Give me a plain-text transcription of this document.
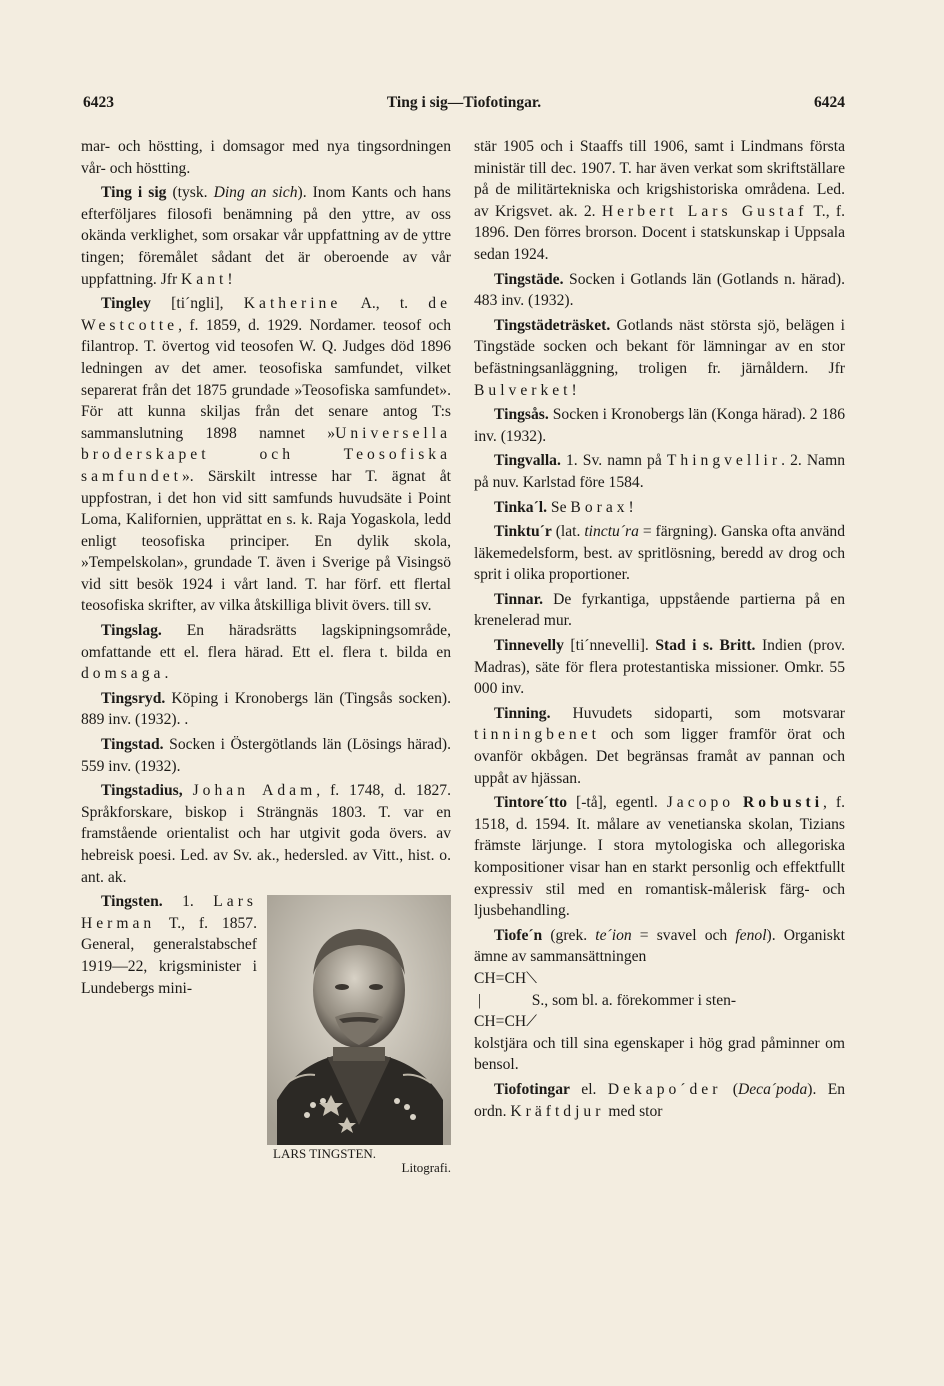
6423	Ting i sig—Tiofotingar.	6424

mar- och höstting, i domsagor med nya tingsordningen vår- och höstting.

Ting i sig (tysk. Ding an sich). Inom Kants och hans efterföljares filosofi benämning på den yttre, av oss okända verklighet, som orsakar vår uppfattning av de yttre tingen; föremålet sådant det är oberoende av vår uppfattning. Jfr Kant!

Tingley [ti´ngli], Katherine A., t. de Westcotte, f. 1859, d. 1929. Nordamer. teosof och filantrop. T. övertog vid teosofen W. Q. Judges död 1896 ledningen av det amer. teosofiska samfundet, vilket separerat från det 1875 grundade »Teosofiska samfundet». För att kunna skiljas från det senare antog T:s sammanslutning 1898 namnet »Universella broderskapet och Teosofiska samfundet». Särskilt intresse har T. ägnat åt uppfostran, i det hon vid sitt samfunds huvudsäte i Point Loma, Kalifornien, upprättat en s. k. Raja Yogaskola, ledd enligt teosofiska principer. En dylik skola, »Tempelskolan», grundade T. även i Sverige på Visingsö vid sitt besök 1924 i vårt land. T. har förf. ett flertal teosofiska skrifter, av vilka åtskilliga blivit övers. till sv.

Tingslag. En häradsrätts lagskipningsområde, omfattande ett el. flera härad. Ett el. flera t. bilda en domsaga.

Tingsryd. Köping i Kronobergs län (Tingsås socken). 889 inv. (1932). .

Tingstad. Socken i Östergötlands län (Lösings härad). 559 inv. (1932).

Tingstadius, Johan Adam, f. 1748, d. 1827. Språkforskare, biskop i Strängnäs 1803. T. var en framstående orientalist och har utgivit goda övers. av hebreisk poesi. Led. av Sv. ak., hedersled. av Vitt., hist. o. ant. ak.

LARS TINGSTEN.
Litografi.

Tingsten. 1. Lars Herman T., f. 1857. General, generalstabschef 1919—22, krigsminister i Lundebergs mini-

stär 1905 och i Staaffs till 1906, samt i Lindmans första ministär till dec. 1907. T. har även verkat som skriftställare på de militärtekniska och krigshistoriska områdena. Led. av Krigsvet. ak. 2. Herbert Lars Gustaf T., f. 1896. Den förres brorson. Docent i statskunskap i Uppsala sedan 1924.

Tingstäde. Socken i Gotlands län (Gotlands n. härad). 483 inv. (1932).

Tingstädeträsket. Gotlands näst största sjö, belägen i Tingstäde socken och bekant för lämningar av en stor befästningsanläggning, troligen fr. järnåldern. Jfr Bulverket!

Tingsås. Socken i Kronobergs län (Konga härad). 2 186 inv. (1932).

Tingvalla. 1. Sv. namn på Thingvellir. 2. Namn på nuv. Karlstad före 1584.

Tinka´l. Se Borax!

Tinktu´r (lat. tinctu´ra = färgning). Ganska ofta använd läkemedelsform, best. av spritlösning, beredd av drog och sprit i olika proportioner.

Tinnar. De fyrkantiga, uppstående partierna på en krenelerad mur.

Tinnevelly [ti´nnevelli]. Stad i s. Britt. Indien (prov. Madras), säte för flera protestantiska missioner. Omkr. 55 000 inv.

Tinning. Huvudets sidoparti, som motsvarar tinningbenet och som ligger framför örat och ovanför okbågen. Det begränsas framåt av pannan och uppåt av hjässan.

Tintore´tto [-tå], egentl. Jacopo Robusti, f. 1518, d. 1594. It. målare av venetianska skolan, Tizians främste lärjunge. I stora mytologiska och allegoriska kompositioner visar han en starkt personlig och effektfullt expressiv stil med en romantisk-målerisk färg- och ljusbehandling.

Tiofe´n (grek. te´ion = svavel och fenol). Organiskt ämne av sammansättningen
CH=CH⟍
|             S., som bl. a. förekommer i sten-
CH=CH⟋
kolstjära och till sina egenskaper i hög grad påminner om bensol.

Tiofotingar el. Dekapo´der (Deca´poda). En ordn. Kräftdjur med stor
